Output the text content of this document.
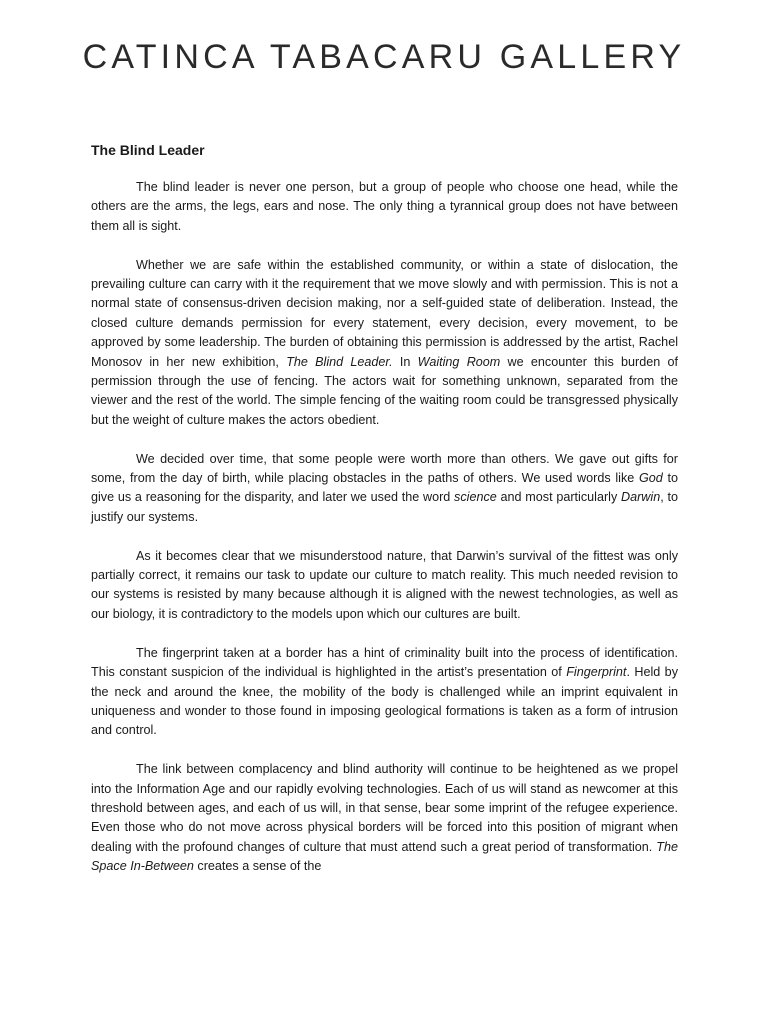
CATINCA TABACARU GALLERY
The Blind Leader

The blind leader is never one person, but a group of people who choose one head, while the others are the arms, the legs, ears and nose. The only thing a tyrannical group does not have between them all is sight.

Whether we are safe within the established community, or within a state of dislocation, the prevailing culture can carry with it the requirement that we move slowly and with permission. This is not a normal state of consensus-driven decision making, nor a self-guided state of deliberation. Instead, the closed culture demands permission for every statement, every decision, every movement, to be approved by some leadership. The burden of obtaining this permission is addressed by the artist, Rachel Monosov in her new exhibition, The Blind Leader. In Waiting Room we encounter this burden of permission through the use of fencing. The actors wait for something unknown, separated from the viewer and the rest of the world. The simple fencing of the waiting room could be transgressed physically but the weight of culture makes the actors obedient.

We decided over time, that some people were worth more than others. We gave out gifts for some, from the day of birth, while placing obstacles in the paths of others. We used words like God to give us a reasoning for the disparity, and later we used the word science and most particularly Darwin, to justify our systems.

As it becomes clear that we misunderstood nature, that Darwin’s survival of the fittest was only partially correct, it remains our task to update our culture to match reality. This much needed revision to our systems is resisted by many because although it is aligned with the newest technologies, as well as our biology, it is contradictory to the models upon which our cultures are built.

The fingerprint taken at a border has a hint of criminality built into the process of identification. This constant suspicion of the individual is highlighted in the artist’s presentation of Fingerprint. Held by the neck and around the knee, the mobility of the body is challenged while an imprint equivalent in uniqueness and wonder to those found in imposing geological formations is taken as a form of intrusion and control.

The link between complacency and blind authority will continue to be heightened as we propel into the Information Age and our rapidly evolving technologies. Each of us will stand as newcomer at this threshold between ages, and each of us will, in that sense, bear some imprint of the refugee experience. Even those who do not move across physical borders will be forced into this position of migrant when dealing with the profound changes of culture that must attend such a great period of transformation. The Space In-Between creates a sense of the
